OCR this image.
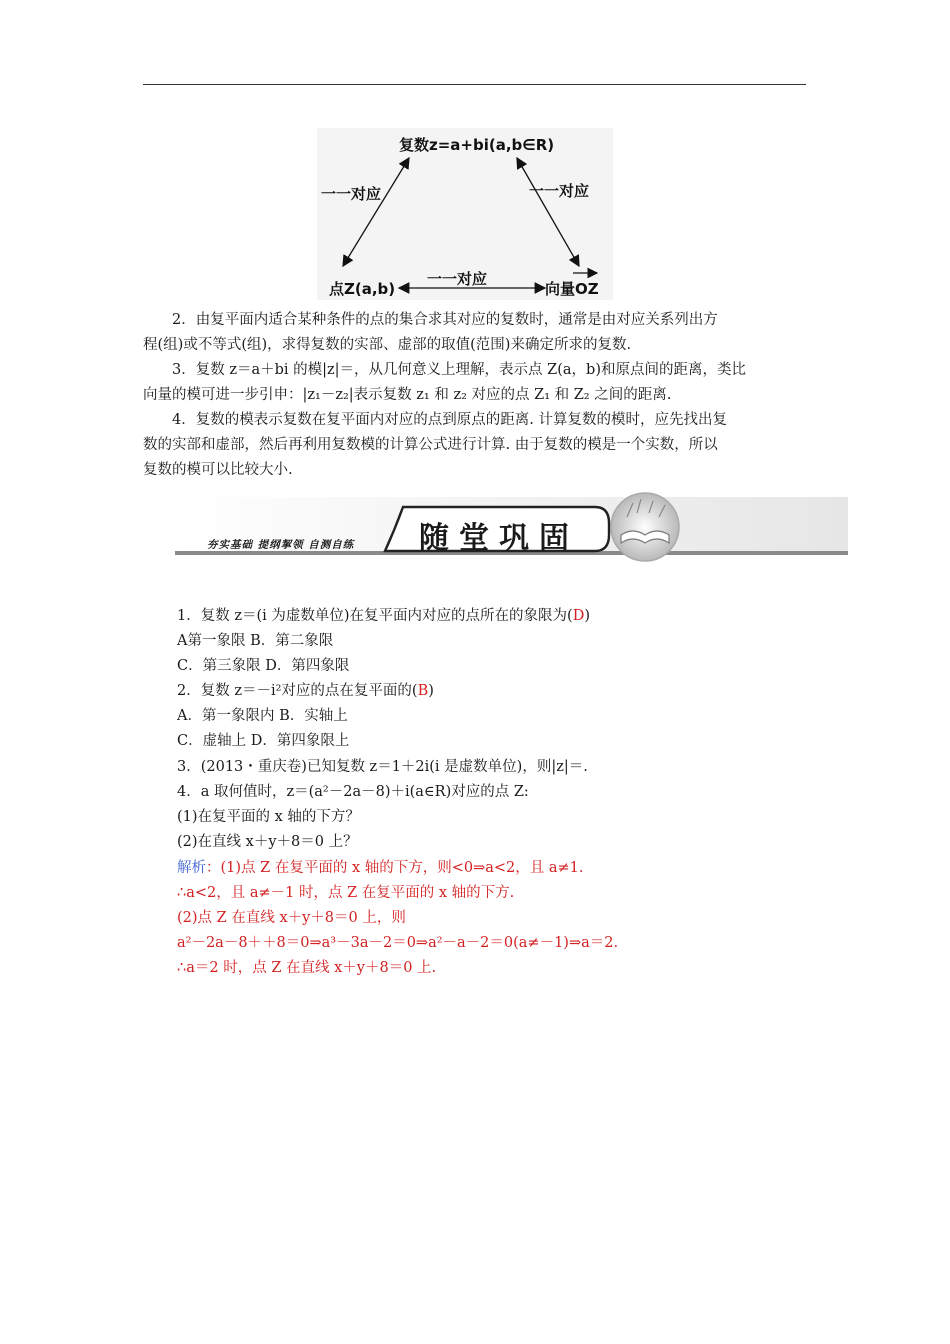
复数z=a+bi(a,b∈R)
一一对应	一一对应
一一对应
点Z(a,b)	向量OZ
2．由复平面内适合某种条件的点的集合求其对应的复数时，通常是由对应关系列出方
程(组)或不等式(组)，求得复数的实部、虚部的取值(范围)来确定所求的复数.
3．复数 z＝a＋bi 的模|z|＝，从几何意义上理解，表示点 Z(a，b)和原点间的距离，类比
向量的模可进一步引申：|z₁－z₂|表示复数 z₁ 和 z₂ 对应的点 Z₁ 和 Z₂ 之间的距离.
4．复数的模表示复数在复平面内对应的点到原点的距离. 计算复数的模时，应先找出复
数的实部和虚部，然后再利用复数模的计算公式进行计算. 由于复数的模是一个实数，所以
复数的模可以比较大小.
夯实基础 提纲挈领 自测自练 随堂巩固
1．复数 z＝(i 为虚数单位)在复平面内对应的点所在的象限为(D)
A第一象限 B．第二象限
C．第三象限 D．第四象限
2．复数 z＝－i²对应的点在复平面的(B)
A．第一象限内 B．实轴上
C．虚轴上 D．第四象限上
3．(2013・重庆卷)已知复数 z＝1＋2i(i 是虚数单位)，则|z|＝.
4．a 取何值时，z＝(a²－2a－8)＋i(a∈R)对应的点 Z:
(1)在复平面的 x 轴的下方？
(2)在直线 x＋y＋8＝0 上？
解析：(1)点 Z 在复平面的 x 轴的下方，则<0⇒a<2，且 a≠1.
∴a<2，且 a≠－1 时，点 Z 在复平面的 x 轴的下方.
(2)点 Z 在直线 x＋y＋8＝0 上，则
a²－2a－8＋＋8＝0⇒a³－3a－2＝0⇒a²－a－2＝0(a≠－1)⇒a＝2.
∴a＝2 时，点 Z 在直线 x＋y＋8＝0 上.
